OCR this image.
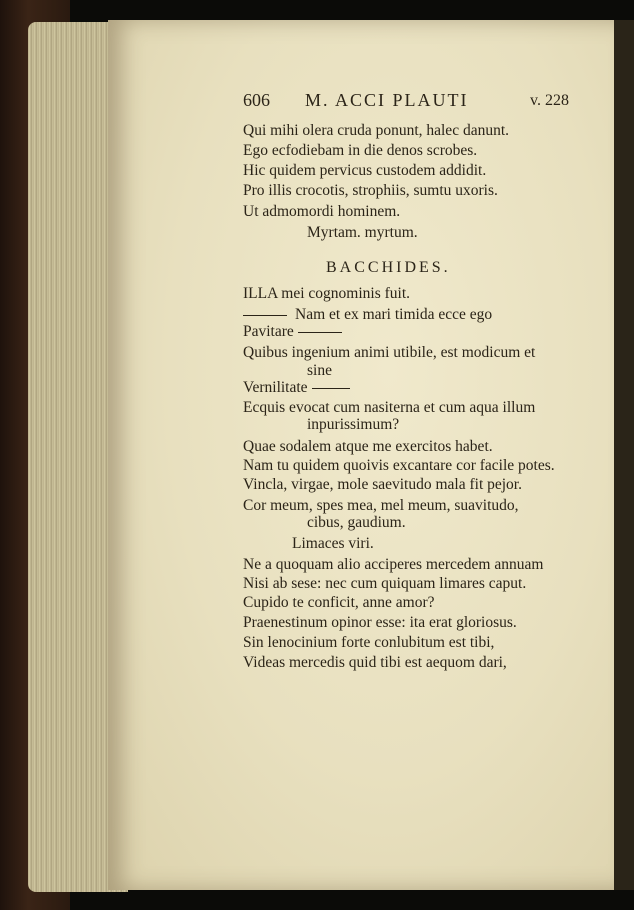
606 M. ACCI PLAUTI	v. 228
Qui mihi olera cruda ponunt, halec danunt.
Ego ecfodiebam in die denos scrobes.
Hic quidem pervicus custodem addidit.
Pro illis crocotis, strophiis, sumtu uxoris.
Ut admomordi hominem.
Myrtam. myrtum.
BACCHIDES.
ILLA mei cognominis fuit.
Nam et ex mari timida ecce ego
Pavitare
Quibus ingenium animi utibile, est modicum et
sine
Vernilitate
Ecquis evocat cum nasiterna et cum aqua illum
inpurissimum?
Quae sodalem atque me exercitos habet.
Nam tu quidem quoivis excantare cor facile potes.
Vincla, virgae, mole saevitudo mala fit pejor.
Cor meum, spes mea, mel meum, suavitudo,
cibus, gaudium.
Limaces viri.
Ne a quoquam alio acciperes mercedem annuam
Nisi ab sese: nec cum quiquam limares caput.
Cupido te conficit, anne amor?
Praenestinum opinor esse: ita erat gloriosus.
Sin lenocinium forte conlubitum est tibi,
Videas mercedis quid tibi est aequom dari,
